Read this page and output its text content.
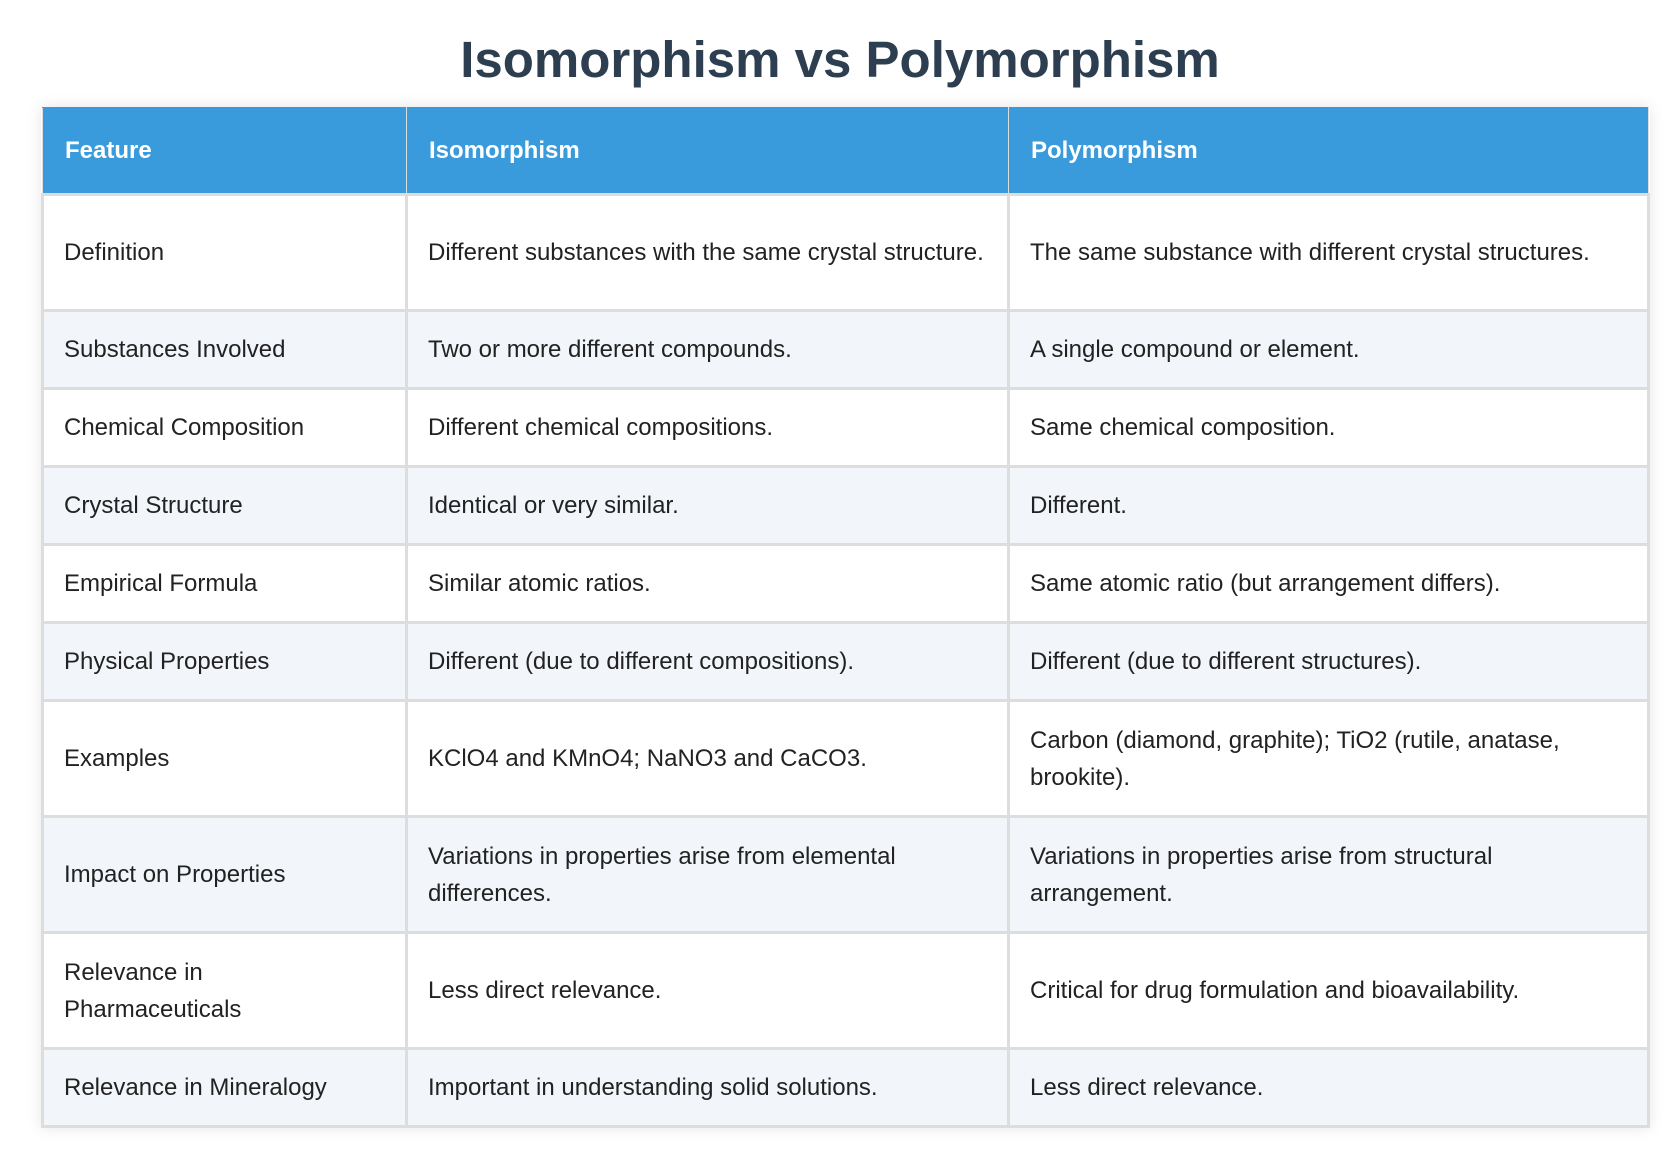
Isomorphism vs Polymorphism
Feature	Isomorphism	Polymorphism
Definition	Different substances with the same crystal structure.	The same substance with different crystal structures.
Substances Involved	Two or more different compounds.	A single compound or element.
Chemical Composition	Different chemical compositions.	Same chemical composition.
Crystal Structure	Identical or very similar.	Different.
Empirical Formula	Similar atomic ratios.	Same atomic ratio (but arrangement differs).
Physical Properties	Different (due to different compositions).	Different (due to different structures).
Examples	KClO4 and KMnO4; NaNO3 and CaCO3.	Carbon (diamond, graphite); TiO2 (rutile, anatase, brookite).
Impact on Properties	Variations in properties arise from elemental differences.	Variations in properties arise from structural arrangement.
Relevance in Pharmaceuticals	Less direct relevance.	Critical for drug formulation and bioavailability.
Relevance in Mineralogy	Important in understanding solid solutions.	Less direct relevance.
